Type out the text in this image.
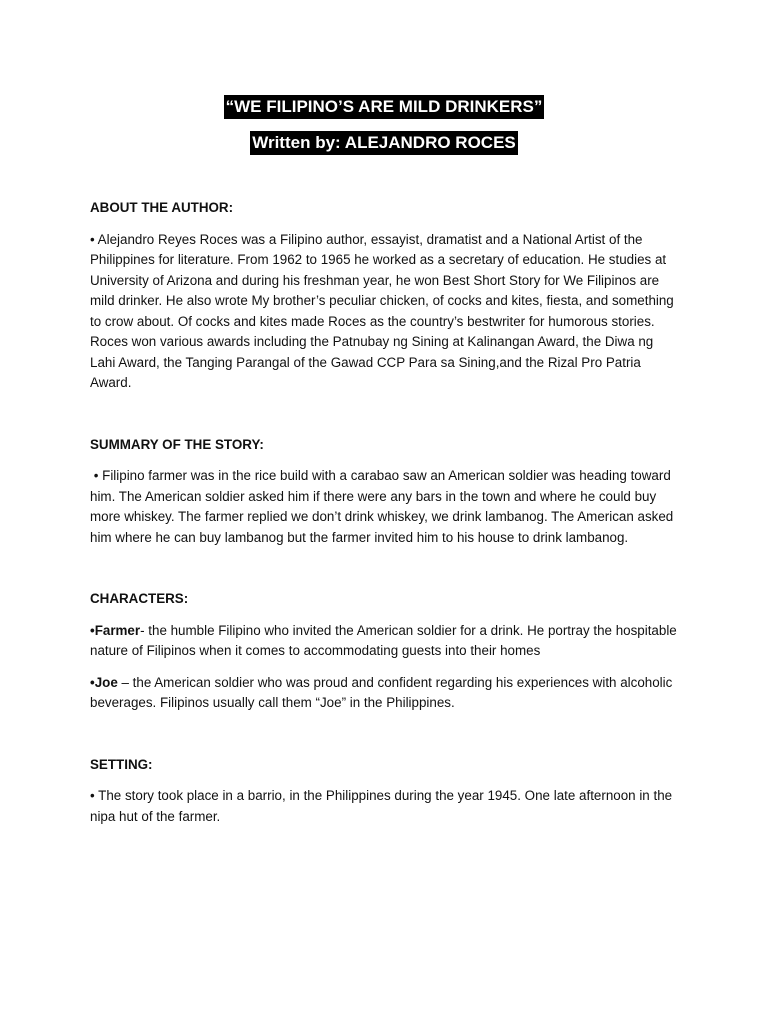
“WE FILIPINO’S ARE MILD DRINKERS”
Written by: ALEJANDRO ROCES

ABOUT THE AUTHOR:

• Alejandro Reyes Roces was a Filipino author, essayist, dramatist and a National Artist of the Philippines for literature. From 1962 to 1965 he worked as a secretary of education. He studies at University of Arizona and during his freshman year, he won Best Short Story for We Filipinos are mild drinker. He also wrote My brother’s peculiar chicken, of cocks and kites, fiesta, and something to crow about. Of cocks and kites made Roces as the country’s bestwriter for humorous stories. Roces won various awards including the Patnubay ng Sining at Kalinangan Award, the Diwa ng Lahi Award, the Tanging Parangal of the Gawad CCP Para sa Sining,and the Rizal Pro Patria Award.

SUMMARY OF THE STORY:

• Filipino farmer was in the rice build with a carabao saw an American soldier was heading toward him. The American soldier asked him if there were any bars in the town and where he could buy more whiskey. The farmer replied we don’t drink whiskey, we drink lambanog. The American asked him where he can buy lambanog but the farmer invited him to his house to drink lambanog.

CHARACTERS:

•Farmer- the humble Filipino who invited the American soldier for a drink. He portray the hospitable nature of Filipinos when it comes to accommodating guests into their homes

•Joe – the American soldier who was proud and confident regarding his experiences with alcoholic beverages. Filipinos usually call them “Joe” in the Philippines.

SETTING:

• The story took place in a barrio, in the Philippines during the year 1945. One late afternoon in the nipa hut of the farmer.
